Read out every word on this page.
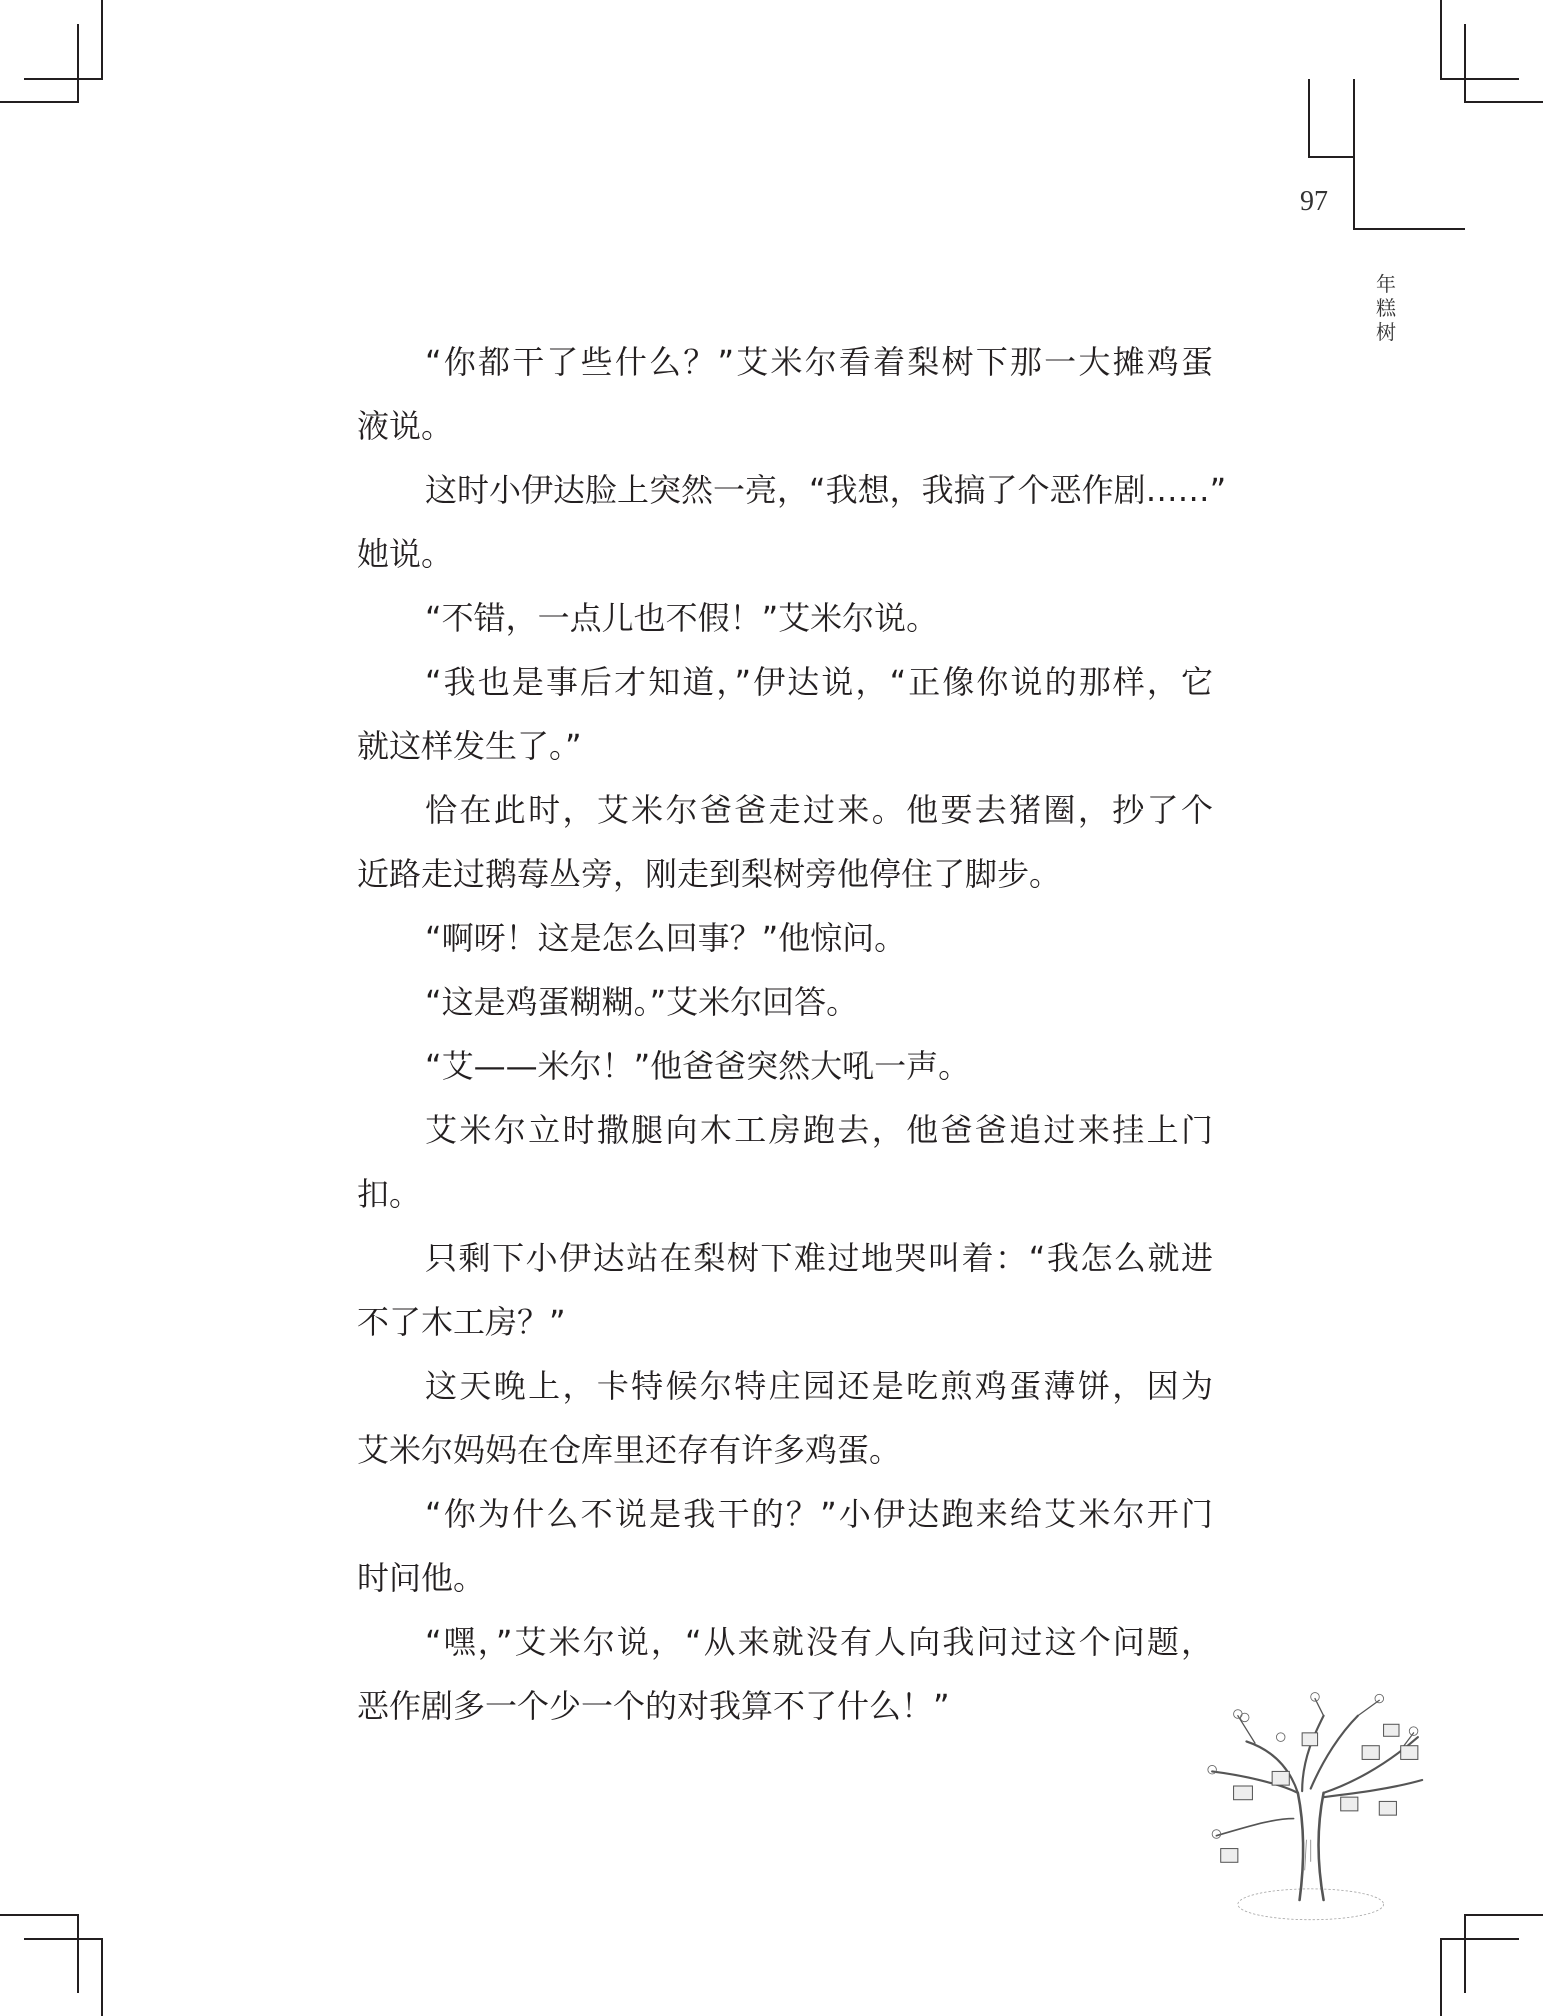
97
年
糕
树
“你都干了些什么？”艾米尔看着梨树下那一大摊鸡蛋
液说。
这时小伊达脸上突然一亮，“我想，我搞了个恶作剧……”
她说。
“不错，一点儿也不假！”艾米尔说。
“我也是事后才知道，”伊达说，“正像你说的那样，它
就这样发生了。”
恰在此时，艾米尔爸爸走过来。他要去猪圈，抄了个
近路走过鹅莓丛旁，刚走到梨树旁他停住了脚步。
“啊呀！这是怎么回事？”他惊问。
“这是鸡蛋糊糊。”艾米尔回答。
“艾——米尔！”他爸爸突然大吼一声。
艾米尔立时撒腿向木工房跑去，他爸爸追过来挂上门
扣。
只剩下小伊达站在梨树下难过地哭叫着：“我怎么就进
不了木工房？”
这天晚上，卡特候尔特庄园还是吃煎鸡蛋薄饼，因为
艾米尔妈妈在仓库里还存有许多鸡蛋。
“你为什么不说是我干的？”小伊达跑来给艾米尔开门
时问他。
“嘿，”艾米尔说，“从来就没有人向我问过这个问题，
恶作剧多一个少一个的对我算不了什么！”
